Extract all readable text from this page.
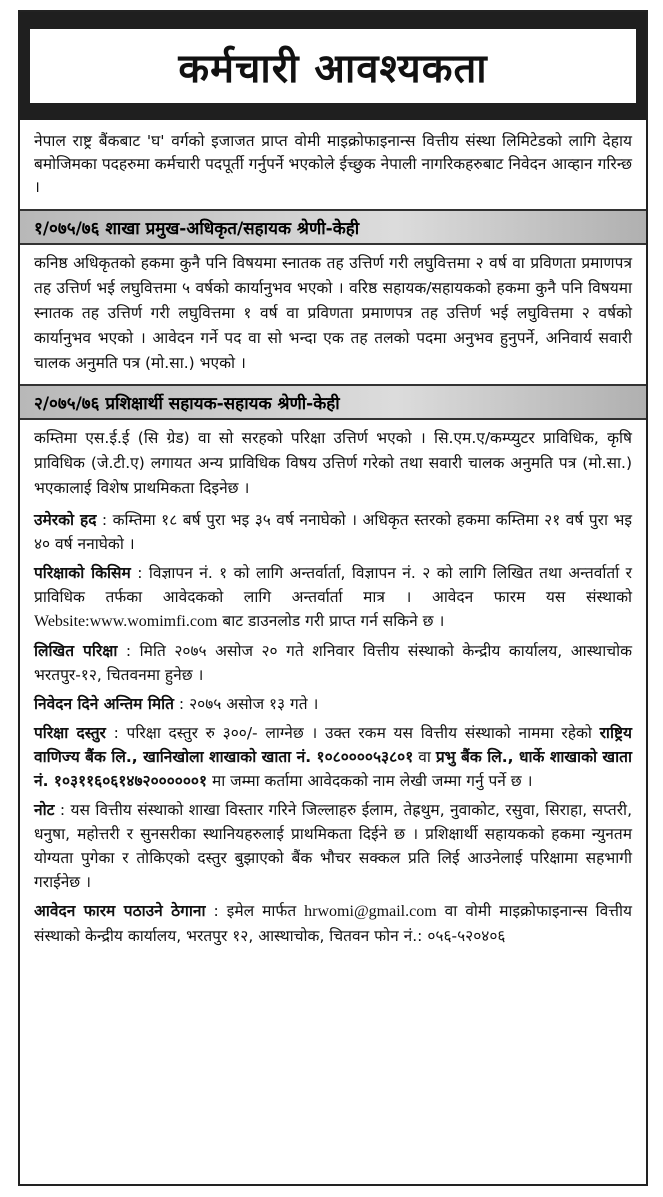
कर्मचारी आवश्यकता
नेपाल राष्ट्र बैंकबाट 'घ' वर्गको इजाजत प्राप्त वोमी माइक्रोफाइनान्स वित्तीय संस्था लिमिटेडको लागि देहाय बमोजिमका पदहरुमा कर्मचारी पदपूर्ती गर्नुपर्ने भएकोले ईच्छुक नेपाली नागरिकहरुबाट निवेदन आव्हान गरिन्छ ।
१/०७५/७६ शाखा प्रमुख-अधिकृत/सहायक श्रेणी-केही
कनिष्ठ अधिकृतको हकमा कुनै पनि विषयमा स्नातक तह उत्तिर्ण गरी लघुवित्तमा २ वर्ष वा प्रविणता प्रमाणपत्र तह उत्तिर्ण भई लघुवित्तमा ५ वर्षको कार्यानुभव भएको । वरिष्ठ सहायक/सहायकको हकमा कुनै पनि विषयमा स्नातक तह उत्तिर्ण गरी लघुवित्तमा १ वर्ष वा प्रविणता प्रमाणपत्र तह उत्तिर्ण भई लघुवित्तमा २ वर्षको कार्यानुभव भएको । आवेदन गर्ने पद वा सो भन्दा एक तह तलको पदमा अनुभव हुनुपर्ने, अनिवार्य सवारी चालक अनुमति पत्र (मो.सा.) भएको ।
२/०७५/७६ प्रशिक्षार्थी सहायक-सहायक श्रेणी-केही
कम्तिमा एस.ई.ई (सि ग्रेड) वा सो सरहको परिक्षा उत्तिर्ण भएको । सि.एम.ए/कम्प्युटर प्राविधिक, कृषि प्राविधिक (जे.टी.ए) लगायत अन्य प्राविधिक विषय उत्तिर्ण गरेको तथा सवारी चालक अनुमति पत्र (मो.सा.) भएकालाई विशेष प्राथमिकता दिइनेछ ।
उमेरको हद : कम्तिमा १८ बर्ष पुरा भइ ३५ वर्ष ननाघेको । अधिकृत स्तरको हकमा कम्तिमा २१ वर्ष पुरा भइ ४० वर्ष ननाघेको ।
परिक्षाको किसिम : विज्ञापन नं. १ को लागि अन्तर्वार्ता, विज्ञापन नं. २ को लागि लिखित तथा अन्तर्वार्ता र प्राविधिक तर्फका आवेदकको लागि अन्तर्वार्ता मात्र । आवेदन फारम यस संस्थाको Website:www.womimfi.com बाट डाउनलोड गरी प्राप्त गर्न सकिने छ ।
लिखित परिक्षा : मिति २०७५ असोज २० गते शनिवार वित्तीय संस्थाको केन्द्रीय कार्यालय, आस्थाचोक भरतपुर-१२, चितवनमा हुनेछ ।
निवेदन दिने अन्तिम मिति : २०७५ असोज १३ गते ।
परिक्षा दस्तुर : परिक्षा दस्तुर रु ३००/- लाग्नेछ । उक्त रकम यस वित्तीय संस्थाको नाममा रहेको राष्ट्रिय वाणिज्य बैंक लि., खानिखोला शाखाको खाता नं. १०८००००५३८०१ वा प्रभु बैंक लि., धार्के शाखाको खाता नं. १०३११६०६१४७२००००००१ मा जम्मा कर्तामा आवेदकको नाम लेखी जम्मा गर्नु पर्ने छ ।
नोट : यस वित्तीय संस्थाको शाखा विस्तार गरिने जिल्लाहरु ईलाम, तेह्रथुम, नुवाकोट, रसुवा, सिराहा, सप्तरी, धनुषा, महोत्तरी र सुनसरीका स्थानियहरुलाई प्राथमिकता दिईने छ । प्रशिक्षार्थी सहायकको हकमा न्युनतम योग्यता पुगेका र तोकिएको दस्तुर बुझाएको बैंक भौचर सक्कल प्रति लिई आउनेलाई परिक्षामा सहभागी गराईनेछ ।
आवेदन फारम पठाउने ठेगाना : इमेल मार्फत hrwomi@gmail.com वा वोमी माइक्रोफाइनान्स वित्तीय संस्थाको केन्द्रीय कार्यालय, भरतपुर १२, आस्थाचोक, चितवन फोन नं.: ०५६-५२०४०६
